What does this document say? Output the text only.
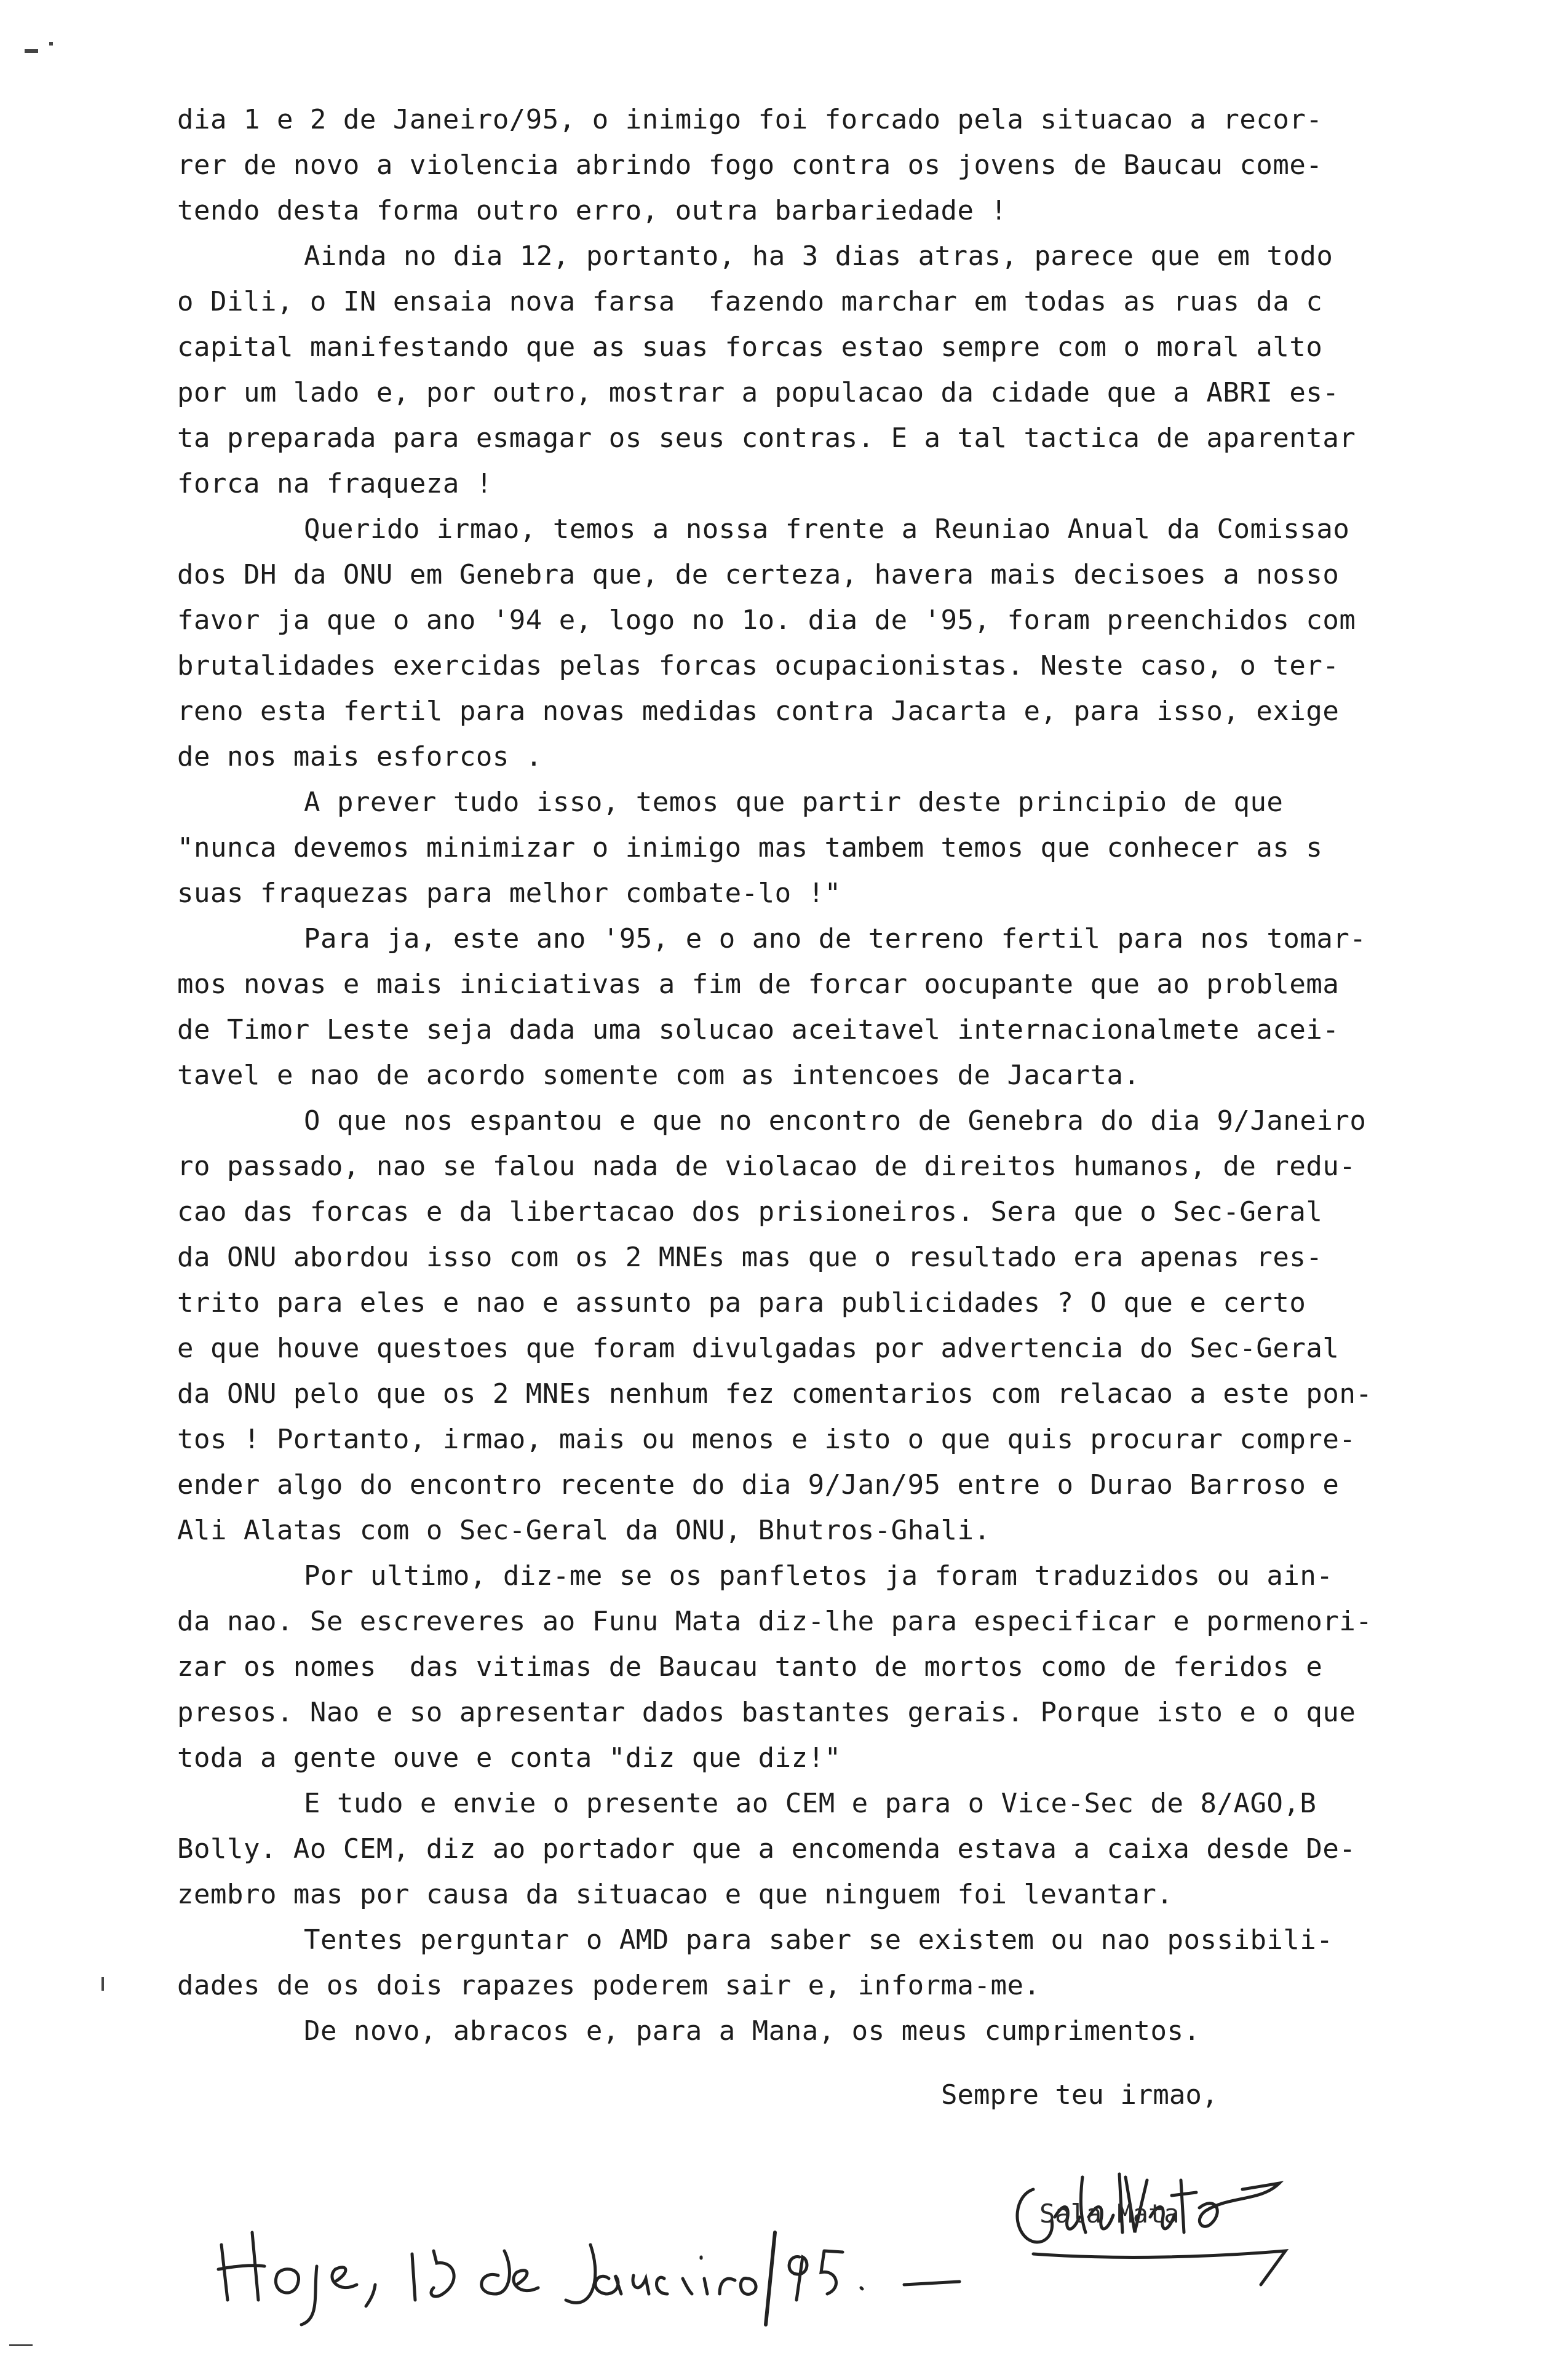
dia 1 e 2 de Janeiro/95, o inimigo foi forcado pela situacao a recor-
rer de novo a violencia abrindo fogo contra os jovens de Baucau come-
tendo desta forma outro erro, outra barbariedade !
Ainda no dia 12, portanto, ha 3 dias atras, parece que em todo
o Dili, o IN ensaia nova farsa  fazendo marchar em todas as ruas da c
capital manifestando que as suas forcas estao sempre com o moral alto
por um lado e, por outro, mostrar a populacao da cidade que a ABRI es-
ta preparada para esmagar os seus contras. E a tal tactica de aparentar
forca na fraqueza !
Querido irmao, temos a nossa frente a Reuniao Anual da Comissao
dos DH da ONU em Genebra que, de certeza, havera mais decisoes a nosso
favor ja que o ano '94 e, logo no 1o. dia de '95, foram preenchidos com
brutalidades exercidas pelas forcas ocupacionistas. Neste caso, o ter-
reno esta fertil para novas medidas contra Jacarta e, para isso, exige
de nos mais esforcos .
A prever tudo isso, temos que partir deste principio de que
"nunca devemos minimizar o inimigo mas tambem temos que conhecer as s
suas fraquezas para melhor combate-lo !"
Para ja, este ano '95, e o ano de terreno fertil para nos tomar-
mos novas e mais iniciativas a fim de forcar oocupante que ao problema
de Timor Leste seja dada uma solucao aceitavel internacionalmete acei-
tavel e nao de acordo somente com as intencoes de Jacarta.
O que nos espantou e que no encontro de Genebra do dia 9/Janeiro
ro passado, nao se falou nada de violacao de direitos humanos, de redu-
cao das forcas e da libertacao dos prisioneiros. Sera que o Sec-Geral
da ONU abordou isso com os 2 MNEs mas que o resultado era apenas res-
trito para eles e nao e assunto pa para publicidades ? O que e certo
e que houve questoes que foram divulgadas por advertencia do Sec-Geral
da ONU pelo que os 2 MNEs nenhum fez comentarios com relacao a este pon-
tos ! Portanto, irmao, mais ou menos e isto o que quis procurar compre-
ender algo do encontro recente do dia 9/Jan/95 entre o Durao Barroso e
Ali Alatas com o Sec-Geral da ONU, Bhutros-Ghali.
Por ultimo, diz-me se os panfletos ja foram traduzidos ou ain-
da nao. Se escreveres ao Funu Mata diz-lhe para especificar e pormenori-
zar os nomes  das vitimas de Baucau tanto de mortos como de feridos e
presos. Nao e so apresentar dados bastantes gerais. Porque isto e o que
toda a gente ouve e conta "diz que diz!"
E tudo e envie o presente ao CEM e para o Vice-Sec de 8/AGO,B
Bolly. Ao CEM, diz ao portador que a encomenda estava a caixa desde De-
zembro mas por causa da situacao e que ninguem foi levantar.
Tentes perguntar o AMD para saber se existem ou nao possibili-
dades de os dois rapazes poderem sair e, informa-me.
De novo, abracos e, para a Mana, os meus cumprimentos.
Sempre teu irmao,
Sala Mata
